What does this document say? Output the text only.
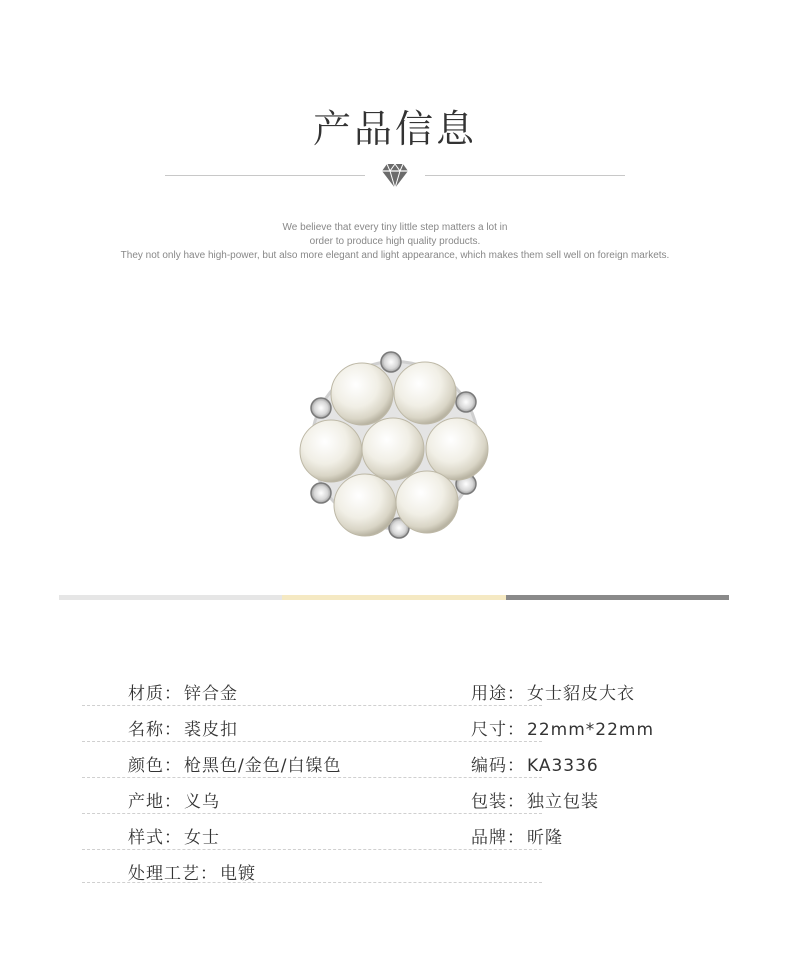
产品信息
We believe that every tiny little step matters a lot in
order to produce high quality products.
They not only have high-power, but also more elegant and light appearance, which makes them sell well on foreign markets.
材质： 锌合金
名称： 裘皮扣
颜色： 枪黑色/金色/白镍色
产地： 义乌
样式： 女士
处理工艺： 电镀
用途： 女士貂皮大衣
尺寸： 22mm*22mm
编码： KA3336
包装： 独立包装
品牌： 昕隆
